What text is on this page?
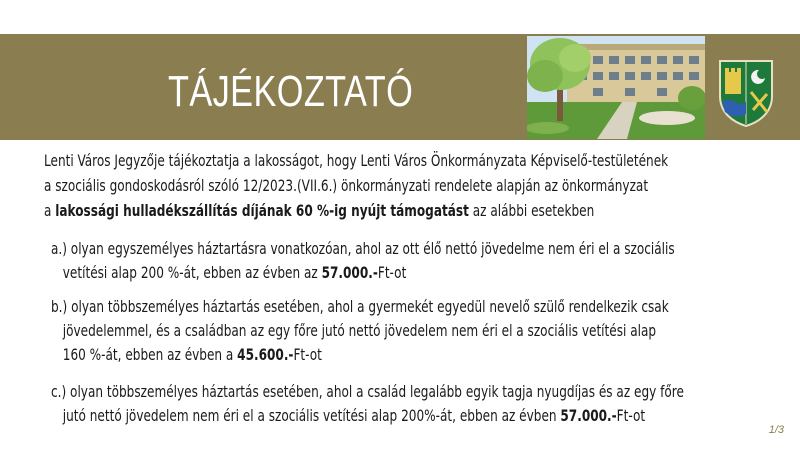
TÁJÉKOZTATÓ
Lenti Város Jegyzője tájékoztatja a lakosságot, hogy Lenti Város Önkormányzata Képviselő-testületének
a szociális gondoskodásról szóló 12/2023.(VII.6.) önkormányzati rendelete alapján az önkormányzat
a lakossági hulladékszállítás díjának 60 %-ig nyújt támogatást az alábbi esetekben
a.) olyan egyszemélyes háztartásra vonatkozóan, ahol az ott élő nettó jövedelme nem éri el a szociális
vetítési alap 200 %-át, ebben az évben az 57.000.-Ft-ot
b.) olyan többszemélyes háztartás esetében, ahol a gyermekét egyedül nevelő szülő rendelkezik csak
jövedelemmel, és a családban az egy főre jutó nettó jövedelem nem éri el a szociális vetítési alap
160 %-át, ebben az évben a 45.600.-Ft-ot
c.) olyan többszemélyes háztartás esetében, ahol a család legalább egyik tagja nyugdíjas és az egy főre
jutó nettó jövedelem nem éri el a szociális vetítési alap 200%-át, ebben az évben 57.000.-Ft-ot
1/3
